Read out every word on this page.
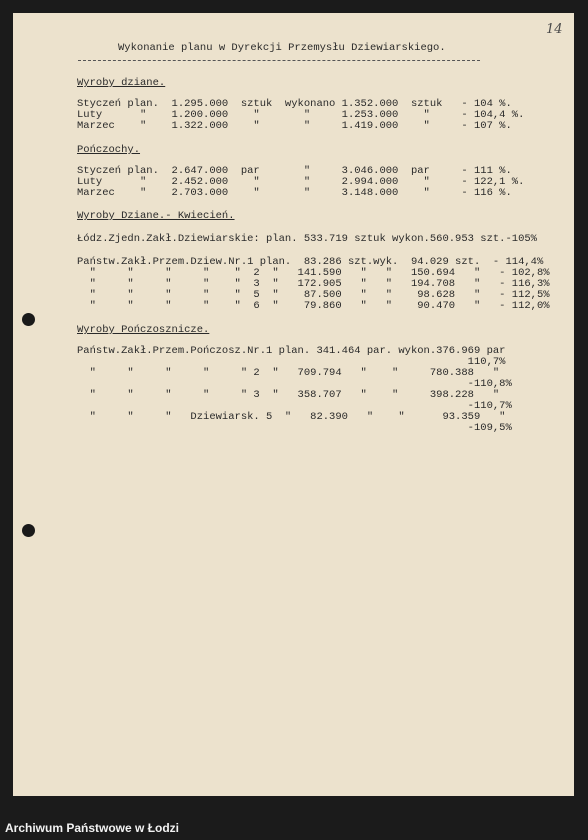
14
Wykonanie planu w Dyrekcji Przemysłu Dziewiarskiego.
Wyroby dziane.
Styczeń plan.  1.295.000  sztuk  wykonano 1.352.000  sztuk   - 104 %.
Luty      "    1.200.000    "       "     1.253.000    "     - 104,4 %.
Marzec    "    1.322.000    "       "     1.419.000    "     - 107 %.
Pończochy.
Styczeń plan.  2.647.000  par       "     3.046.000  par     - 111 %.
Luty      "    2.452.000    "       "     2.994.000    "     - 122,1 %.
Marzec    "    2.703.000    "       "     3.148.000    "     - 116 %.
Wyroby Dziane.- Kwiecień.
Łódz.Zjedn.Zakł.Dziewiarskie: plan. 533.719 sztuk wykon.560.953 szt.-105%
Państw.Zakł.Przem.Dziew.Nr.1 plan.  83.286 szt.wyk.  94.029 szt.  - 114,4%
"     "     "     "    "  2  "   141.590   "   "   150.694   "   - 102,8%
"     "     "     "    "  3  "   172.905   "   "   194.708   "   - 116,3%
"     "     "     "    "  5  "    87.500   "   "    98.628   "   - 112,5%
"     "     "     "    "  6  "    79.860   "   "    90.470   "   - 112,0%
Wyroby Pończosznicze.
Państw.Zakł.Przem.Pończosz.Nr.1 plan. 341.464 par. wykon.376.969 par
110,7%
"     "     "     "     " 2  "   709.794   "    "     780.388   "
-110,8%
"     "     "     "     " 3  "   358.707   "    "     398.228   "
-110,7%
"     "     "   Dziewiarsk. 5  "   82.390   "    "      93.359   "
-109,5%
Archiwum Państwowe w Łodzi
